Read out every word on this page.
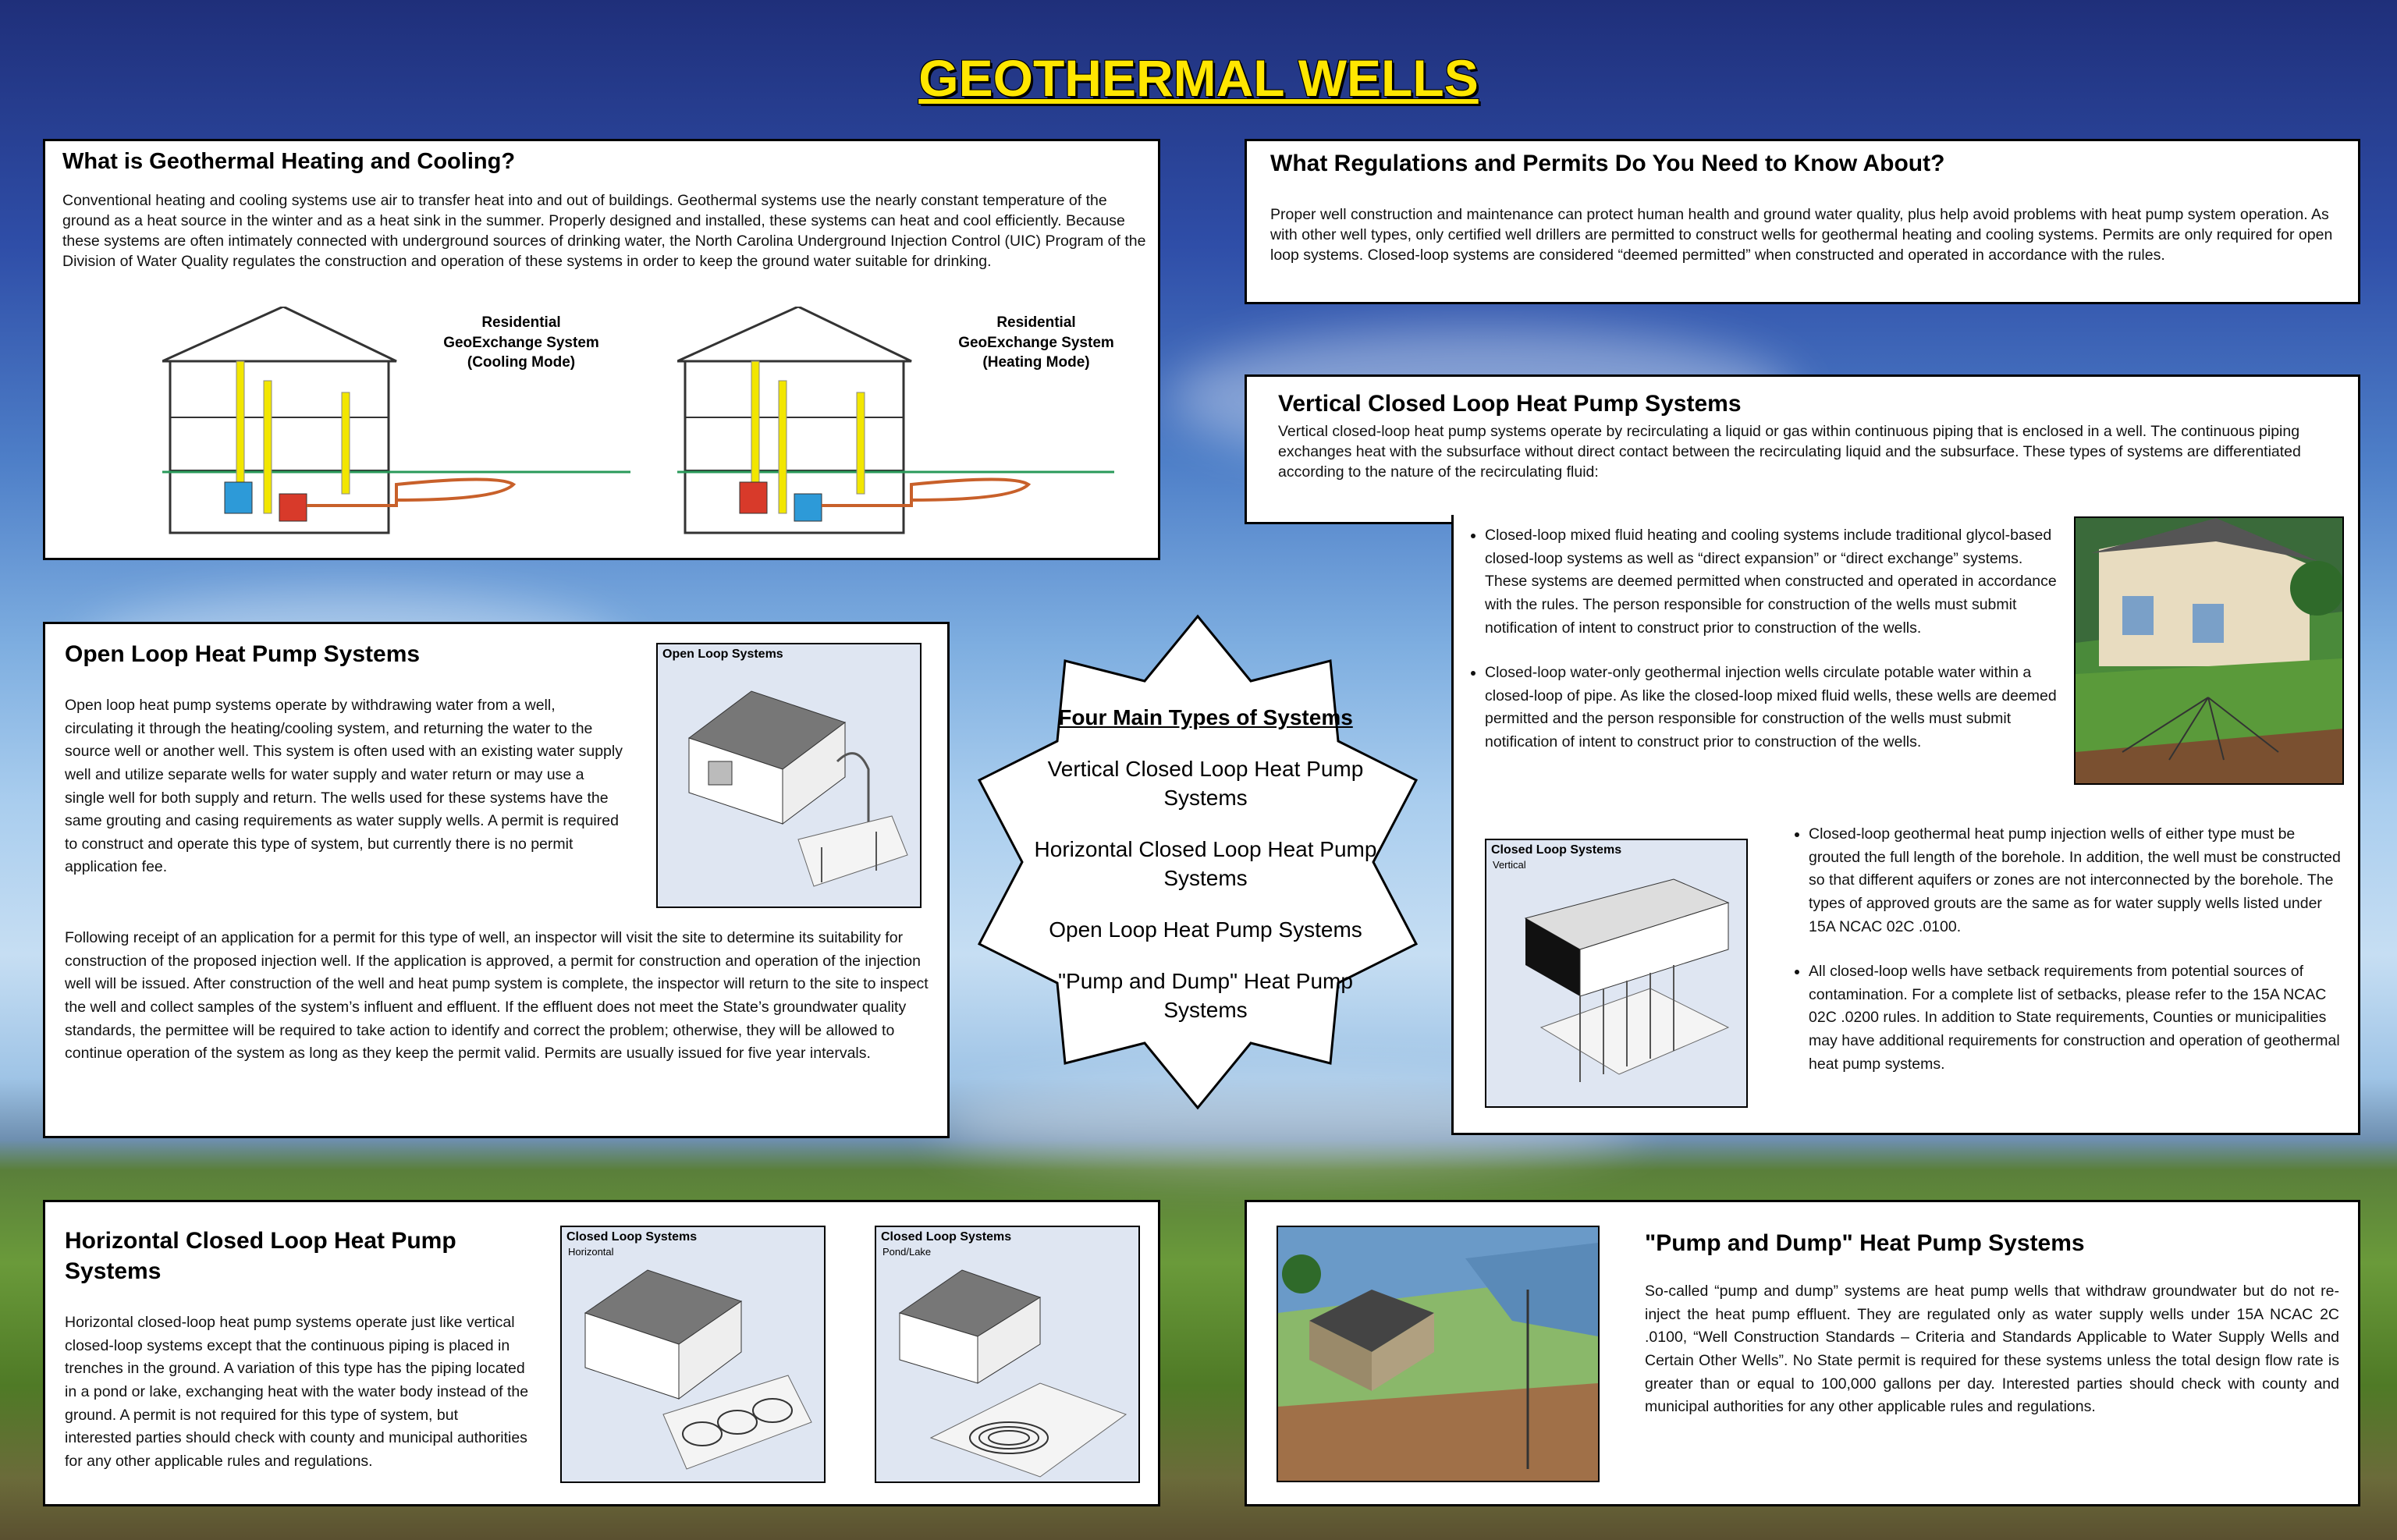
GEOTHERMAL WELLS
What is Geothermal Heating and Cooling?
Conventional heating and cooling systems use air to transfer heat into and out of buildings. Geothermal systems use the nearly constant temperature of the ground as a heat source in the winter and as a heat sink in the summer. Properly designed and installed, these systems can heat and cool efficiently. Because these systems are often intimately connected with underground sources of drinking water, the North Carolina Underground Injection Control (UIC) Program of the Division of Water Quality regulates the construction and operation of these systems in order to keep the ground water suitable for drinking.
Residential GeoExchange System (Cooling Mode)
Residential GeoExchange System (Heating Mode)
What Regulations and Permits Do You Need to Know About?
Proper well construction and maintenance can protect human health and ground water quality, plus help avoid problems with heat pump system operation. As with other well types, only certified well drillers are permitted to construct wells for geothermal heating and cooling systems. Permits are only required for open loop systems. Closed-loop systems are considered “deemed permitted” when constructed and operated in accordance with the rules.
Vertical Closed Loop Heat Pump Systems
Vertical closed-loop heat pump systems operate by recirculating a liquid or gas within continuous piping that is enclosed in a well. The continuous piping exchanges heat with the subsurface without direct contact between the recirculating liquid and the subsurface. These types of systems are differentiated according to the nature of the recirculating fluid:
• Closed-loop mixed fluid heating and cooling systems include traditional glycol-based closed-loop systems as well as “direct expansion” or “direct exchange” systems. These systems are deemed permitted when constructed and operated in accordance with the rules. The person responsible for construction of the wells must submit notification of intent to construct prior to construction of the wells.
• Closed-loop water-only geothermal injection wells circulate potable water within a closed-loop of pipe. As like the closed-loop mixed fluid wells, these wells are deemed permitted and the person responsible for construction of the wells must submit notification of intent to construct prior to construction of the wells.
Closed Loop Systems
Vertical
• Closed-loop geothermal heat pump injection wells of either type must be grouted the full length of the borehole. In addition, the well must be constructed so that different aquifers or zones are not interconnected by the borehole. The types of approved grouts are the same as for water supply wells listed under 15A NCAC 02C .0100.
• All closed-loop wells have setback requirements from potential sources of contamination. For a complete list of setbacks, please refer to the 15A NCAC 02C .0200 rules. In addition to State requirements, Counties or municipalities may have additional requirements for construction and operation of geothermal heat pump systems.
Open Loop Heat Pump Systems
Open loop heat pump systems operate by withdrawing water from a well, circulating it through the heating/cooling system, and returning the water to the source well or another well. This system is often used with an existing water supply well and utilize separate wells for water supply and water return or may use a single well for both supply and return. The wells used for these systems have the same grouting and casing requirements as water supply wells. A permit is required to construct and operate this type of system, but currently there is no permit application fee.
Open Loop Systems
Following receipt of an application for a permit for this type of well, an inspector will visit the site to determine its suitability for construction of the proposed injection well. If the application is approved, a permit for construction and operation of the injection well will be issued. After construction of the well and heat pump system is complete, the inspector will return to the site to inspect the well and collect samples of the system’s influent and effluent. If the effluent does not meet the State’s groundwater quality standards, the permittee will be required to take action to identify and correct the problem; otherwise, they will be allowed to continue operation of the system as long as they keep the permit valid. Permits are usually issued for five year intervals.
Four Main Types of Systems
Vertical Closed Loop Heat Pump Systems
Horizontal Closed Loop Heat Pump Systems
Open Loop Heat Pump Systems
"Pump and Dump" Heat Pump Systems
Horizontal Closed Loop Heat Pump Systems
Horizontal closed-loop heat pump systems operate just like vertical closed-loop systems except that the continuous piping is placed in trenches in the ground. A variation of this type has the piping located in a pond or lake, exchanging heat with the water body instead of the ground. A permit is not required for this type of system, but interested parties should check with county and municipal authorities for any other applicable rules and regulations.
Closed Loop Systems
Horizontal
Closed Loop Systems
Pond/Lake	"Pump and Dump" Heat Pump Systems
So-called “pump and dump” systems are heat pump wells that withdraw groundwater but do not re-inject the heat pump effluent. They are regulated only as water supply wells under 15A NCAC 2C .0100, “Well Construction Standards – Criteria and Standards Applicable to Water Supply Wells and Certain Other Wells”. No State permit is required for these systems unless the total design flow rate is greater than or equal to 100,000 gallons per day. Interested parties should check with county and municipal authorities for any other applicable rules and regulations.
